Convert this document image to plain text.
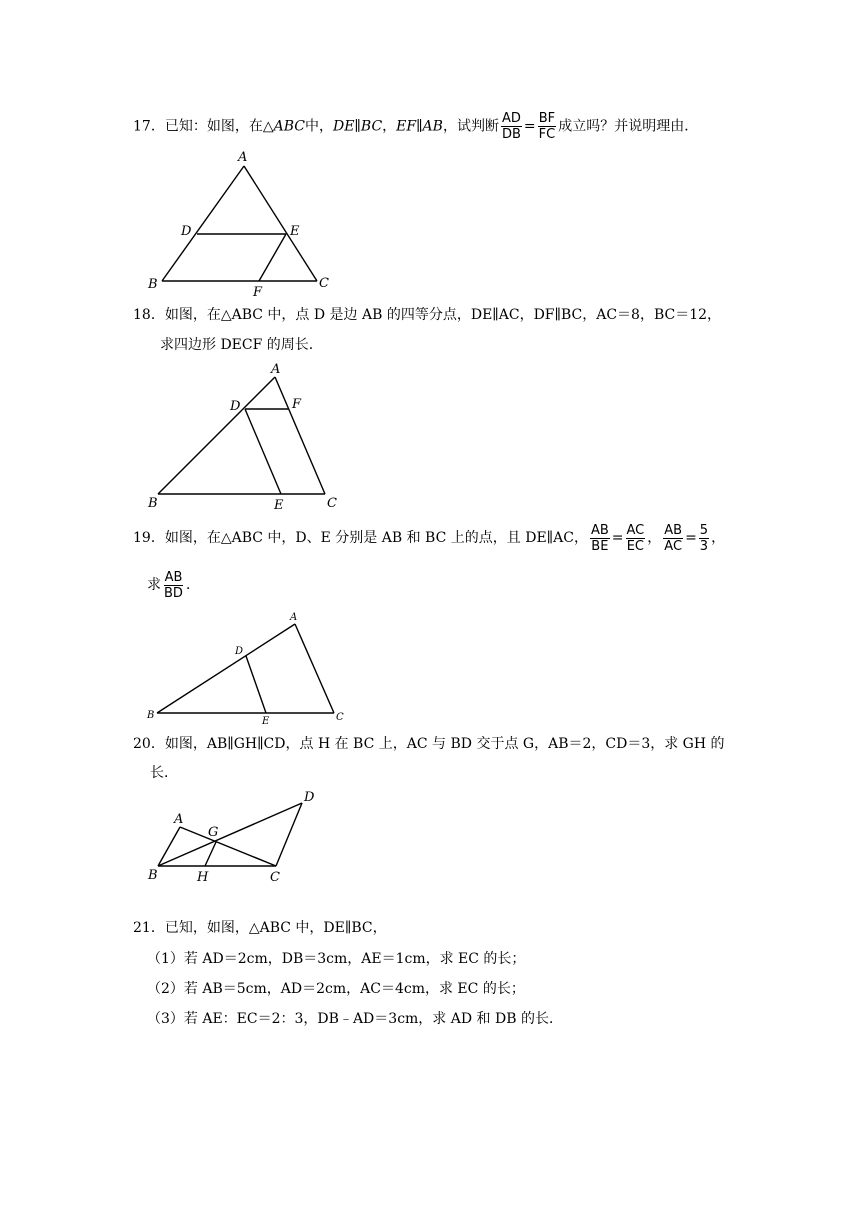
17．已知：如图，在△ABC中，DE∥BC，EF∥AB，试判断 $\frac{AD}{DB} = \frac{BF}{FC}$ 成立吗？并说明理由．
A
D	E
B	C
F
18．如图，在△ABC 中，点 D 是边 AB 的四等分点，DE∥AC，DF∥BC，AC＝8，BC＝12，
求四边形 DECF 的周长．
A
D	F
B	E	C
19．如图，在△ABC 中，D、E 分别是 AB 和 BC 上的点，且 DE∥AC， $\frac{AB}{BE} = \frac{AC}{EC}$ ， $\frac{AB}{AC} = \frac{5}{3}$ ，
求 $\frac{AB}{BD}$ ．
A
D
B
E	C
20．如图，AB∥GH∥CD，点 H 在 BC 上，AC 与 BD 交于点 G，AB＝2，CD＝3，求 GH 的
长．
A
G
D
B	H	C
21．已知，如图，△ABC 中，DE∥BC，
（1）若 AD＝2cm，DB＝3cm，AE＝1cm，求 EC 的长；
（2）若 AB＝5cm，AD＝2cm，AC＝4cm，求 EC 的长；
（3）若 AE：EC＝2：3，DB﹣AD＝3cm，求 AD 和 DB 的长．
